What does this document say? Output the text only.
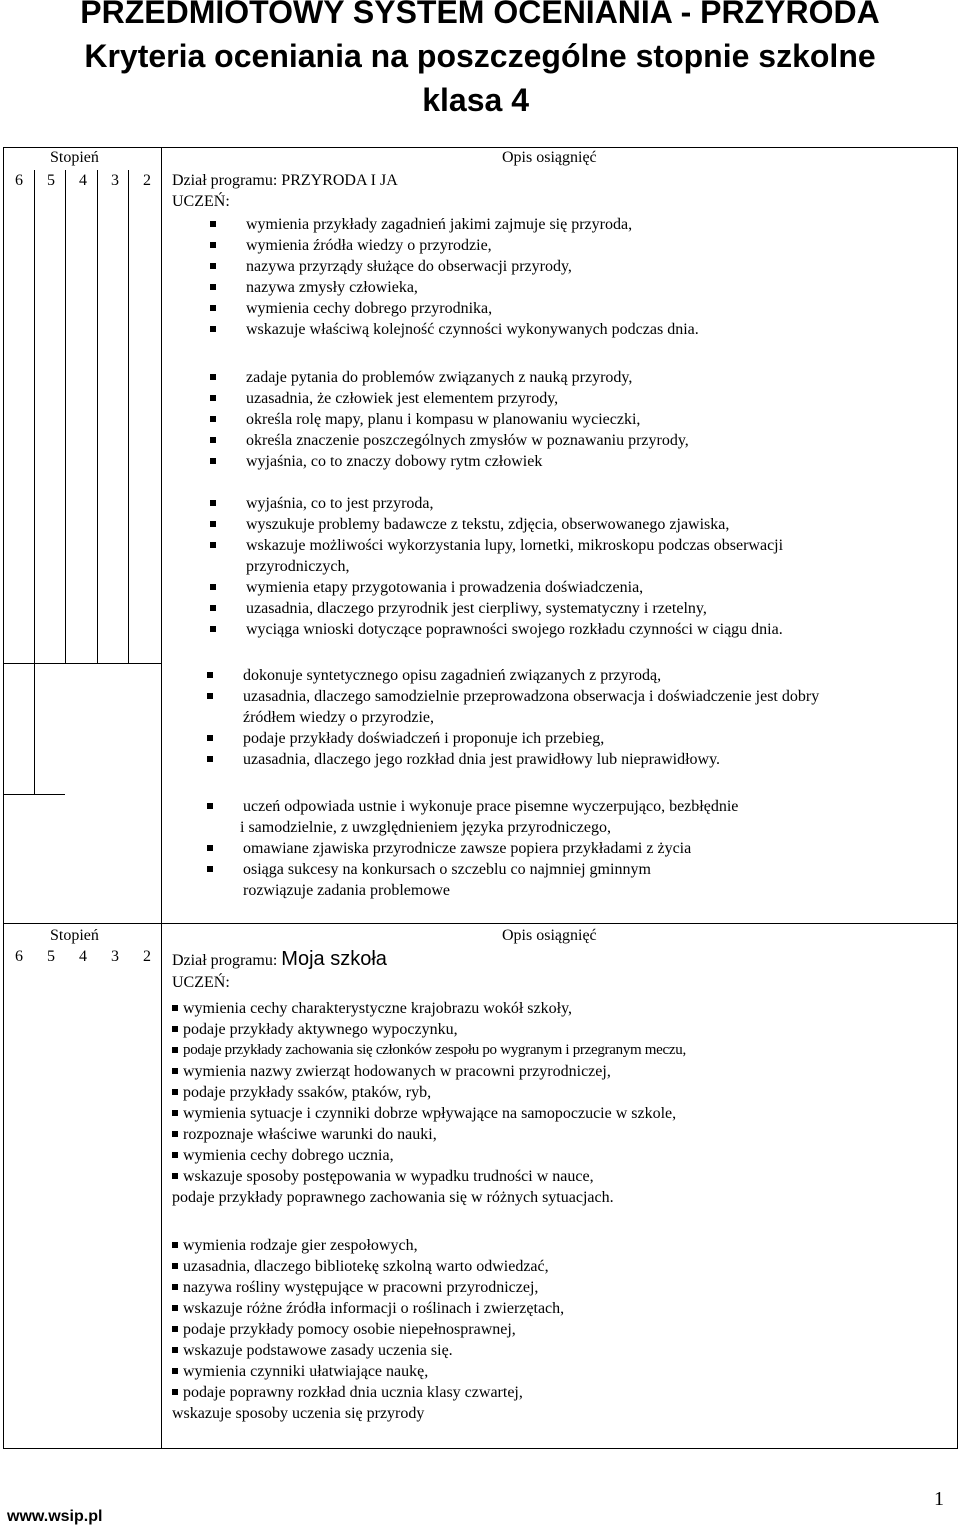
PRZEDMIOTOWY SYSTEM OCENIANIA - PRZYRODA
Kryteria oceniania na poszczególne stopnie szkolne
klasa 4
Stopień	Opis osiągnięć
6 5 4 3 2	Dział programu: PRZYRODA I JA
UCZEŃ:
wymienia przykłady zagadnień jakimi zajmuje się przyroda,
wymienia źródła wiedzy o przyrodzie,
nazywa przyrządy służące do obserwacji przyrody,
nazywa zmysły człowieka,
wymienia cechy dobrego przyrodnika,
wskazuje właściwą kolejność czynności wykonywanych podczas dnia.
zadaje pytania do problemów związanych z nauką przyrody,
uzasadnia, że człowiek jest elementem przyrody,
określa rolę mapy, planu i kompasu w planowaniu wycieczki,
określa znaczenie poszczególnych zmysłów w poznawaniu przyrody,
wyjaśnia, co to znaczy dobowy rytm człowiek
wyjaśnia, co to jest przyroda,
wyszukuje problemy badawcze z tekstu, zdjęcia, obserwowanego zjawiska,
wskazuje możliwości wykorzystania lupy, lornetki, mikroskopu podczas obserwacji
przyrodniczych,
wymienia etapy przygotowania i prowadzenia doświadczenia,
uzasadnia, dlaczego przyrodnik jest cierpliwy, systematyczny i rzetelny,
wyciąga wnioski dotyczące poprawności swojego rozkładu czynności w ciągu dnia.
dokonuje syntetycznego opisu zagadnień związanych z przyrodą,
uzasadnia, dlaczego samodzielnie przeprowadzona obserwacja i doświadczenie jest dobry
źródłem wiedzy o przyrodzie,
podaje przykłady doświadczeń i proponuje ich przebieg,
uzasadnia, dlaczego jego rozkład dnia jest prawidłowy lub nieprawidłowy.
uczeń odpowiada ustnie i wykonuje prace pisemne wyczerpująco, bezbłędnie
i samodzielnie, z uwzględnieniem języka przyrodniczego,
omawiane zjawiska przyrodnicze zawsze popiera przykładami z życia
osiąga sukcesy na konkursach o szczeblu co najmniej gminnym
rozwiązuje zadania problemowe
Stopień	Opis osiągnięć
6 5 4 3 2	Dział programu: Moja szkoła
UCZEŃ:
wymienia cechy charakterystyczne krajobrazu wokół szkoły,
podaje przykłady aktywnego wypoczynku,
podaje przykłady zachowania się członków zespołu po wygranym i przegranym meczu,
wymienia nazwy zwierząt hodowanych w pracowni przyrodniczej,
podaje przykłady ssaków, ptaków, ryb,
wymienia sytuacje i czynniki dobrze wpływające na samopoczucie w szkole,
rozpoznaje właściwe warunki do nauki,
wymienia cechy dobrego ucznia,
wskazuje sposoby postępowania w wypadku trudności w nauce,
podaje przykłady poprawnego zachowania się w różnych sytuacjach.
wymienia rodzaje gier zespołowych,
uzasadnia, dlaczego bibliotekę szkolną warto odwiedzać,
nazywa rośliny występujące w pracowni przyrodniczej,
wskazuje różne źródła informacji o roślinach i zwierzętach,
podaje przykłady pomocy osobie niepełnosprawnej,
wskazuje podstawowe zasady uczenia się.
wymienia czynniki ułatwiające naukę,
podaje poprawny rozkład dnia ucznia klasy czwartej,
wskazuje sposoby uczenia się przyrody
www.wsip.pl
1
